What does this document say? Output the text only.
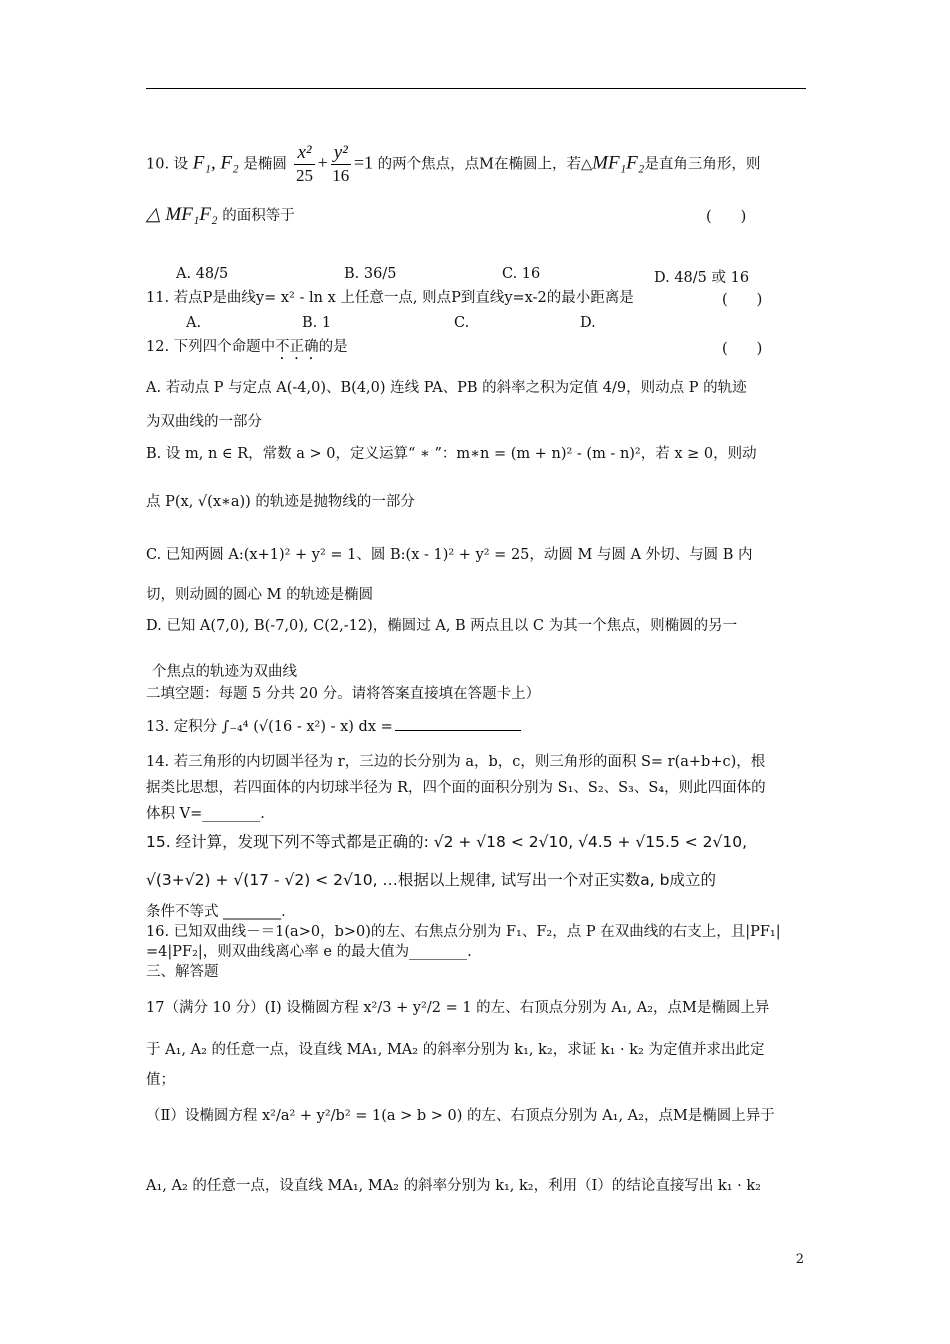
10. 设 F₁, F₂ 是椭圆 $\frac{\text{x²}}{25} + \frac{\text{y²}}{16} =1$ 的两个焦点，点M在椭圆上，若△MF₁F₂是直角三角形，则
△ MF₁F₂ 的面积等于	(　　)
A. 48/5	B. 36/5	C. 16	D. 48/5 或 16
11. 若点P是曲线y= x² - ln x 上任意一点, 则点P到直线y=x-2的最小距离是	(　　)
A.	B. 1	C.	D.
12. 下列四个命题中不正确的是	(　　)
A. 若动点 P 与定点 A(-4,0)、B(4,0) 连线 PA、PB 的斜率之积为定值 4/9，则动点 P 的轨迹
为双曲线的一部分
B. 设 m, n ∈ R，常数 a > 0，定义运算“ ∗ ”：m∗n = (m + n)² - (m - n)²，若 x ≥ 0，则动
点 P(x, √(x∗a)) 的轨迹是抛物线的一部分
C. 已知两圆 A:(x+1)² + y² = 1、圆 B:(x - 1)² + y² = 25，动圆 M 与圆 A 外切、与圆 B 内
切，则动圆的圆心 M 的轨迹是椭圆
D. 已知 A(7,0), B(-7,0), C(2,-12)，椭圆过 A, B 两点且以 C 为其一个焦点，则椭圆的另一
个焦点的轨迹为双曲线
二填空题：每题 5 分共 20 分。请将答案直接填在答题卡上）
13. 定积分 ∫₋₄⁴ (√(16 - x²) - x) dx =
14. 若三角形的内切圆半径为 r，三边的长分别为 a，b，c，则三角形的面积 S= r(a+b+c)，根
据类比思想，若四面体的内切球半径为 R，四个面的面积分别为 S₁、S₂、S₃、S₄，则此四面体的
体积 V=________.
15. 经计算，发现下列不等式都是正确的: √2 + √18 < 2√10, √4.5 + √15.5 < 2√10,
√(3+√2) + √(17 - √2) < 2√10, …根据以上规律, 试写出一个对正实数a, b成立的
条件不等式 ________.
16. 已知双曲线－＝1(a>0，b>0)的左、右焦点分别为 F₁、F₂，点 P 在双曲线的右支上，且|PF₁|
=4|PF₂|，则双曲线离心率 e 的最大值为________.
三、解答题
17（满分 10 分）(Ⅰ) 设椭圆方程 x²/3 + y²/2 = 1 的左、右顶点分别为 A₁, A₂，点M是椭圆上异
于 A₁, A₂ 的任意一点，设直线 MA₁, MA₂ 的斜率分别为 k₁, k₂，求证 k₁ · k₂ 为定值并求出此定
值；
（Ⅱ）设椭圆方程 x²/a² + y²/b² = 1(a > b > 0) 的左、右顶点分别为 A₁, A₂，点M是椭圆上异于
A₁, A₂ 的任意一点，设直线 MA₁, MA₂ 的斜率分别为 k₁, k₂，利用（Ⅰ）的结论直接写出 k₁ · k₂
2
